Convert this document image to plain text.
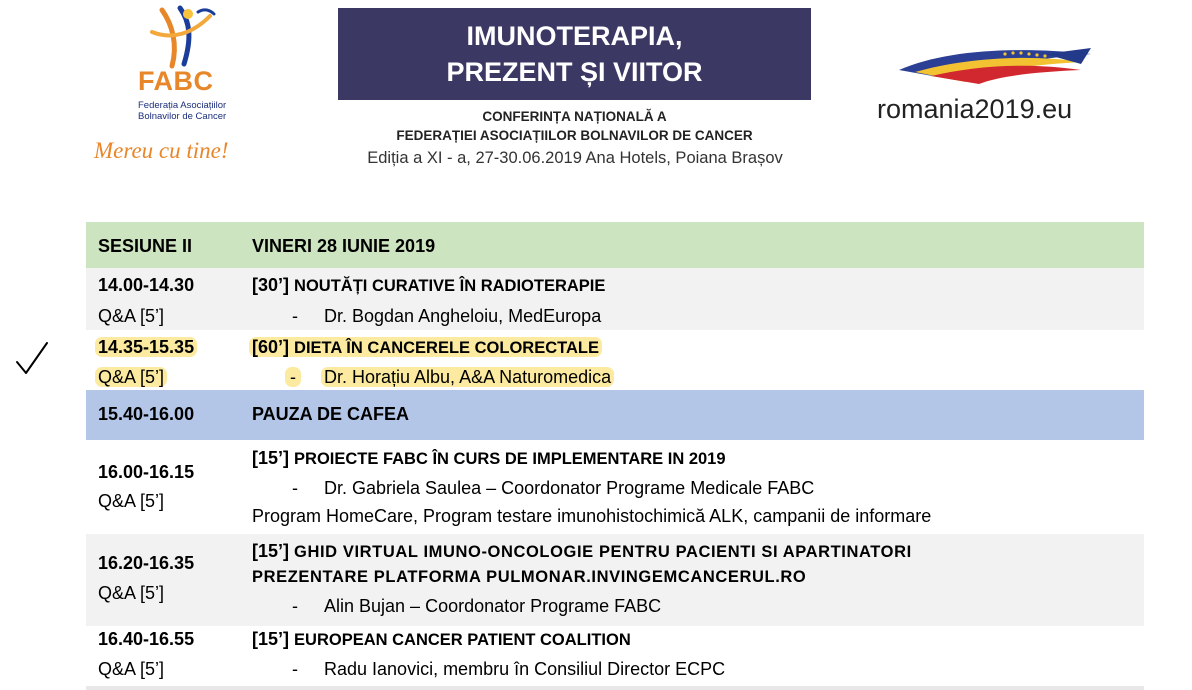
FABC
Federația Asociațiilor
Bolnavilor de Cancer
Mereu cu tine!
IMUNOTERAPIA,
PREZENT ȘI VIITOR
CONFERINȚA NAȚIONALĂ A
FEDERAȚIEI ASOCIAȚIILOR BOLNAVILOR DE CANCER
Ediția a XI - a, 27-30.06.2019 Ana Hotels, Poiana Brașov
romania2019.eu
SESIUNE II	VINERI 28 IUNIE 2019
14.00-14.30
Q&A [5’]
[30’] NOUTĂȚI CURATIVE ÎN RADIOTERAPIE
- Dr. Bogdan Angheloiu, MedEuropa
14.35-15.35
Q&A [5’]
[60’] DIETA ÎN CANCERELE COLORECTALE
- Dr. Horațiu Albu, A&A Naturomedica
15.40-16.00	PAUZA DE CAFEA
16.00-16.15
Q&A [5’]
[15’] PROIECTE FABC ÎN CURS DE IMPLEMENTARE IN 2019
- Dr. Gabriela Saulea – Coordonator Programe Medicale FABC
Program HomeCare, Program testare imunohistochimică ALK, campanii de informare
16.20-16.35
Q&A [5’]
[15’] GHID VIRTUAL IMUNO-ONCOLOGIE PENTRU PACIENTI SI APARTINATORI
PREZENTARE PLATFORMA PULMONAR.INVINGEMCANCERUL.RO
- Alin Bujan – Coordonator Programe FABC
16.40-16.55
Q&A [5’]
[15’] EUROPEAN CANCER PATIENT COALITION
- Radu Ianovici, membru în Consiliul Director ECPC
